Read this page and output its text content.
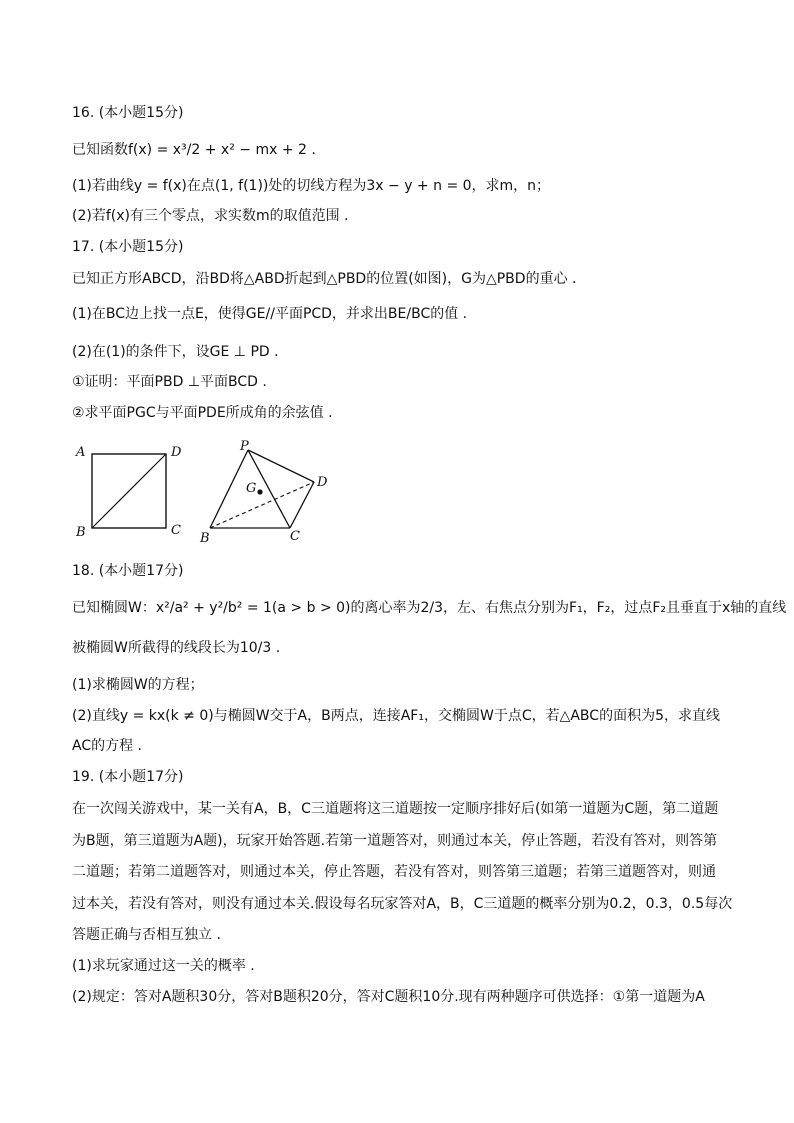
16. (本小题15分)
已知函数f(x) = x³/2 + x² − mx + 2 .
(1)若曲线y = f(x)在点(1, f(1))处的切线方程为3x − y + n = 0，求m，n；
(2)若f(x)有三个零点，求实数m的取值范围 .
17. (本小题15分)
已知正方形ABCD，沿BD将△ABD折起到△PBD的位置(如图)，G为△PBD的重心 .
(1)在BC边上找一点E，使得GE//平面PCD，并求出BE/BC的值 .
(2)在(1)的条件下，设GE ⊥ PD .
①证明：平面PBD ⊥平面BCD .
②求平面PGC与平面PDE所成角的余弦值 .
A	D
B	C
P
G	D
B	C
18. (本小题17分)
已知椭圆W：x²/a² + y²/b² = 1(a > b > 0)的离心率为2/3，左、右焦点分别为F₁，F₂，过点F₂且垂直于x轴的直线
被椭圆W所截得的线段长为10/3 .
(1)求椭圆W的方程；
(2)直线y = kx(k ≠ 0)与椭圆W交于A，B两点，连接AF₁，交椭圆W于点C，若△ABC的面积为5，求直线
AC的方程 .
19. (本小题17分)
在一次闯关游戏中，某一关有A，B，C三道题将这三道题按一定顺序排好后(如第一道题为C题，第二道题
为B题，第三道题为A题)，玩家开始答题.若第一道题答对，则通过本关，停止答题，若没有答对，则答第
二道题；若第二道题答对，则通过本关，停止答题，若没有答对，则答第三道题；若第三道题答对，则通
过本关，若没有答对，则没有通过本关.假设每名玩家答对A，B，C三道题的概率分别为0.2，0.3，0.5每次
答题正确与否相互独立 .
(1)求玩家通过这一关的概率 .
(2)规定：答对A题积30分，答对B题积20分，答对C题积10分.现有两种题序可供选择：①第一道题为A
